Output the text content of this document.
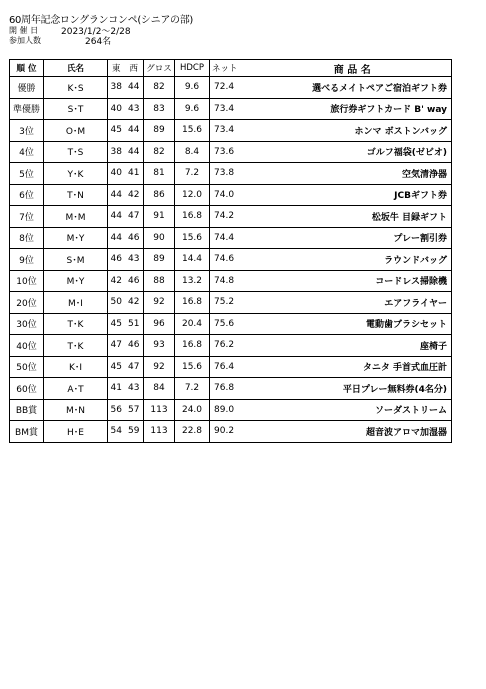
60周年記念ロングランコンペ(シニアの部)
開 催 日	2023/1/2～2/28
参加人数	264名
順 位	氏名	東	西	グロス	HDCP	ネット	商 品 名
優勝	K･S	38	44	82	9.6	72.4	選べるメイトペアご宿泊ギフト券
準優勝	S･T	40	43	83	9.6	73.4	旅行券ギフトカード B' way
3位	O･M	45	44	89	15.6	73.4	ホンマ ボストンバッグ
4位	T･S	38	44	82	8.4	73.6	ゴルフ福袋(ゼビオ)
5位	Y･K	40	41	81	7.2	73.8	空気清浄器
6位	T･N	44	42	86	12.0	74.0	JCBギフト券
7位	M･M	44	47	91	16.8	74.2	松坂牛 目録ギフト
8位	M･Y	44	46	90	15.6	74.4	プレー割引券
9位	S･M	46	43	89	14.4	74.6	ラウンドバッグ
10位	M･Y	42	46	88	13.2	74.8	コードレス掃除機
20位	M･I	50	42	92	16.8	75.2	エアフライヤー
30位	T･K	45	51	96	20.4	75.6	電動歯ブラシセット
40位	T･K	47	46	93	16.8	76.2	座椅子
50位	K･I	45	47	92	15.6	76.4	タニタ 手首式血圧計
60位	A･T	41	43	84	7.2	76.8	平日プレー無料券(4名分)
BB賞	M･N	56	57	113	24.0	89.0	ソーダストリーム
BM賞	H･E	54	59	113	22.8	90.2	超音波アロマ加湿器
